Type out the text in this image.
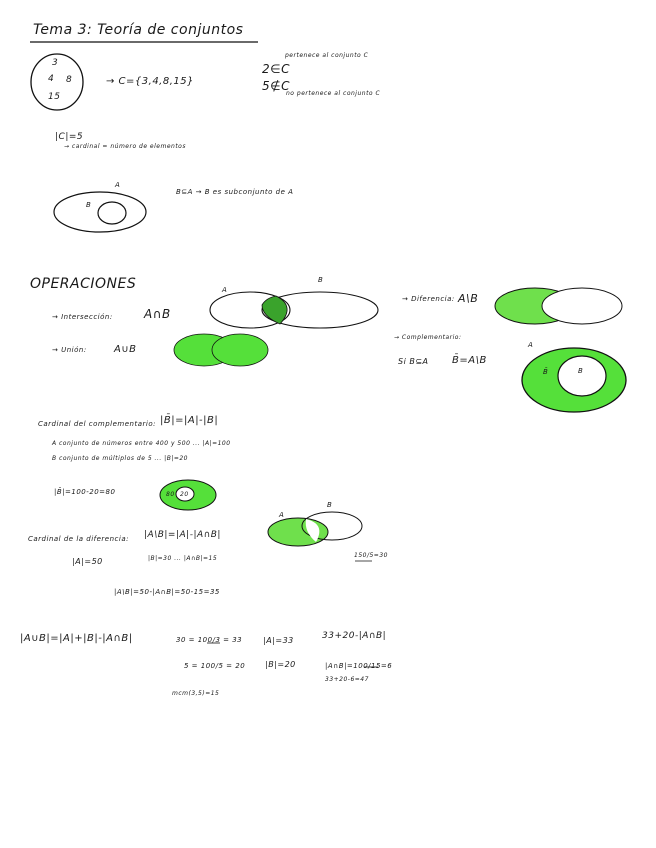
Tema 3: Teoría de conjuntos
3
4 8
15
→ C={3,4,8,15}
pertenece al conjunto C
2∈C
5∉C
no pertenece al conjunto C
|C|=5
→ cardinal = número de elementos
A
B
B⊆A → B es subconjunto de A
OPERACIONES
→ Intersección:	A∩B
A
B
→ Unión:	A∪B
→ Diferencia: A\B
→ Complementario:
Si B⊆A B̄=A\B
A
B
B̄
Cardinal del complementario: |B̄|=|A|-|B|
A conjunto de números entre 400 y 500 ... |A|=100
B conjunto de múltiplos de 5 ... |B|=20
|B̄|=100-20=80	80 20
Cardinal de la diferencia: |A\B|=|A|-|A∩B|
A
B
|A|=50	|B|=30 ... |A∩B|=15	150/5=30
|A\B|=50-|A∩B|=50-15=35
|A∪B|=|A|+|B|-|A∩B|	30 = 100/3 = 33
5 = 100/5 = 20
mcm(3,5)=15
|A|=33
|B|=20
33+20-|A∩B|
|A∩B|=100/15=6
33+20-6=47
